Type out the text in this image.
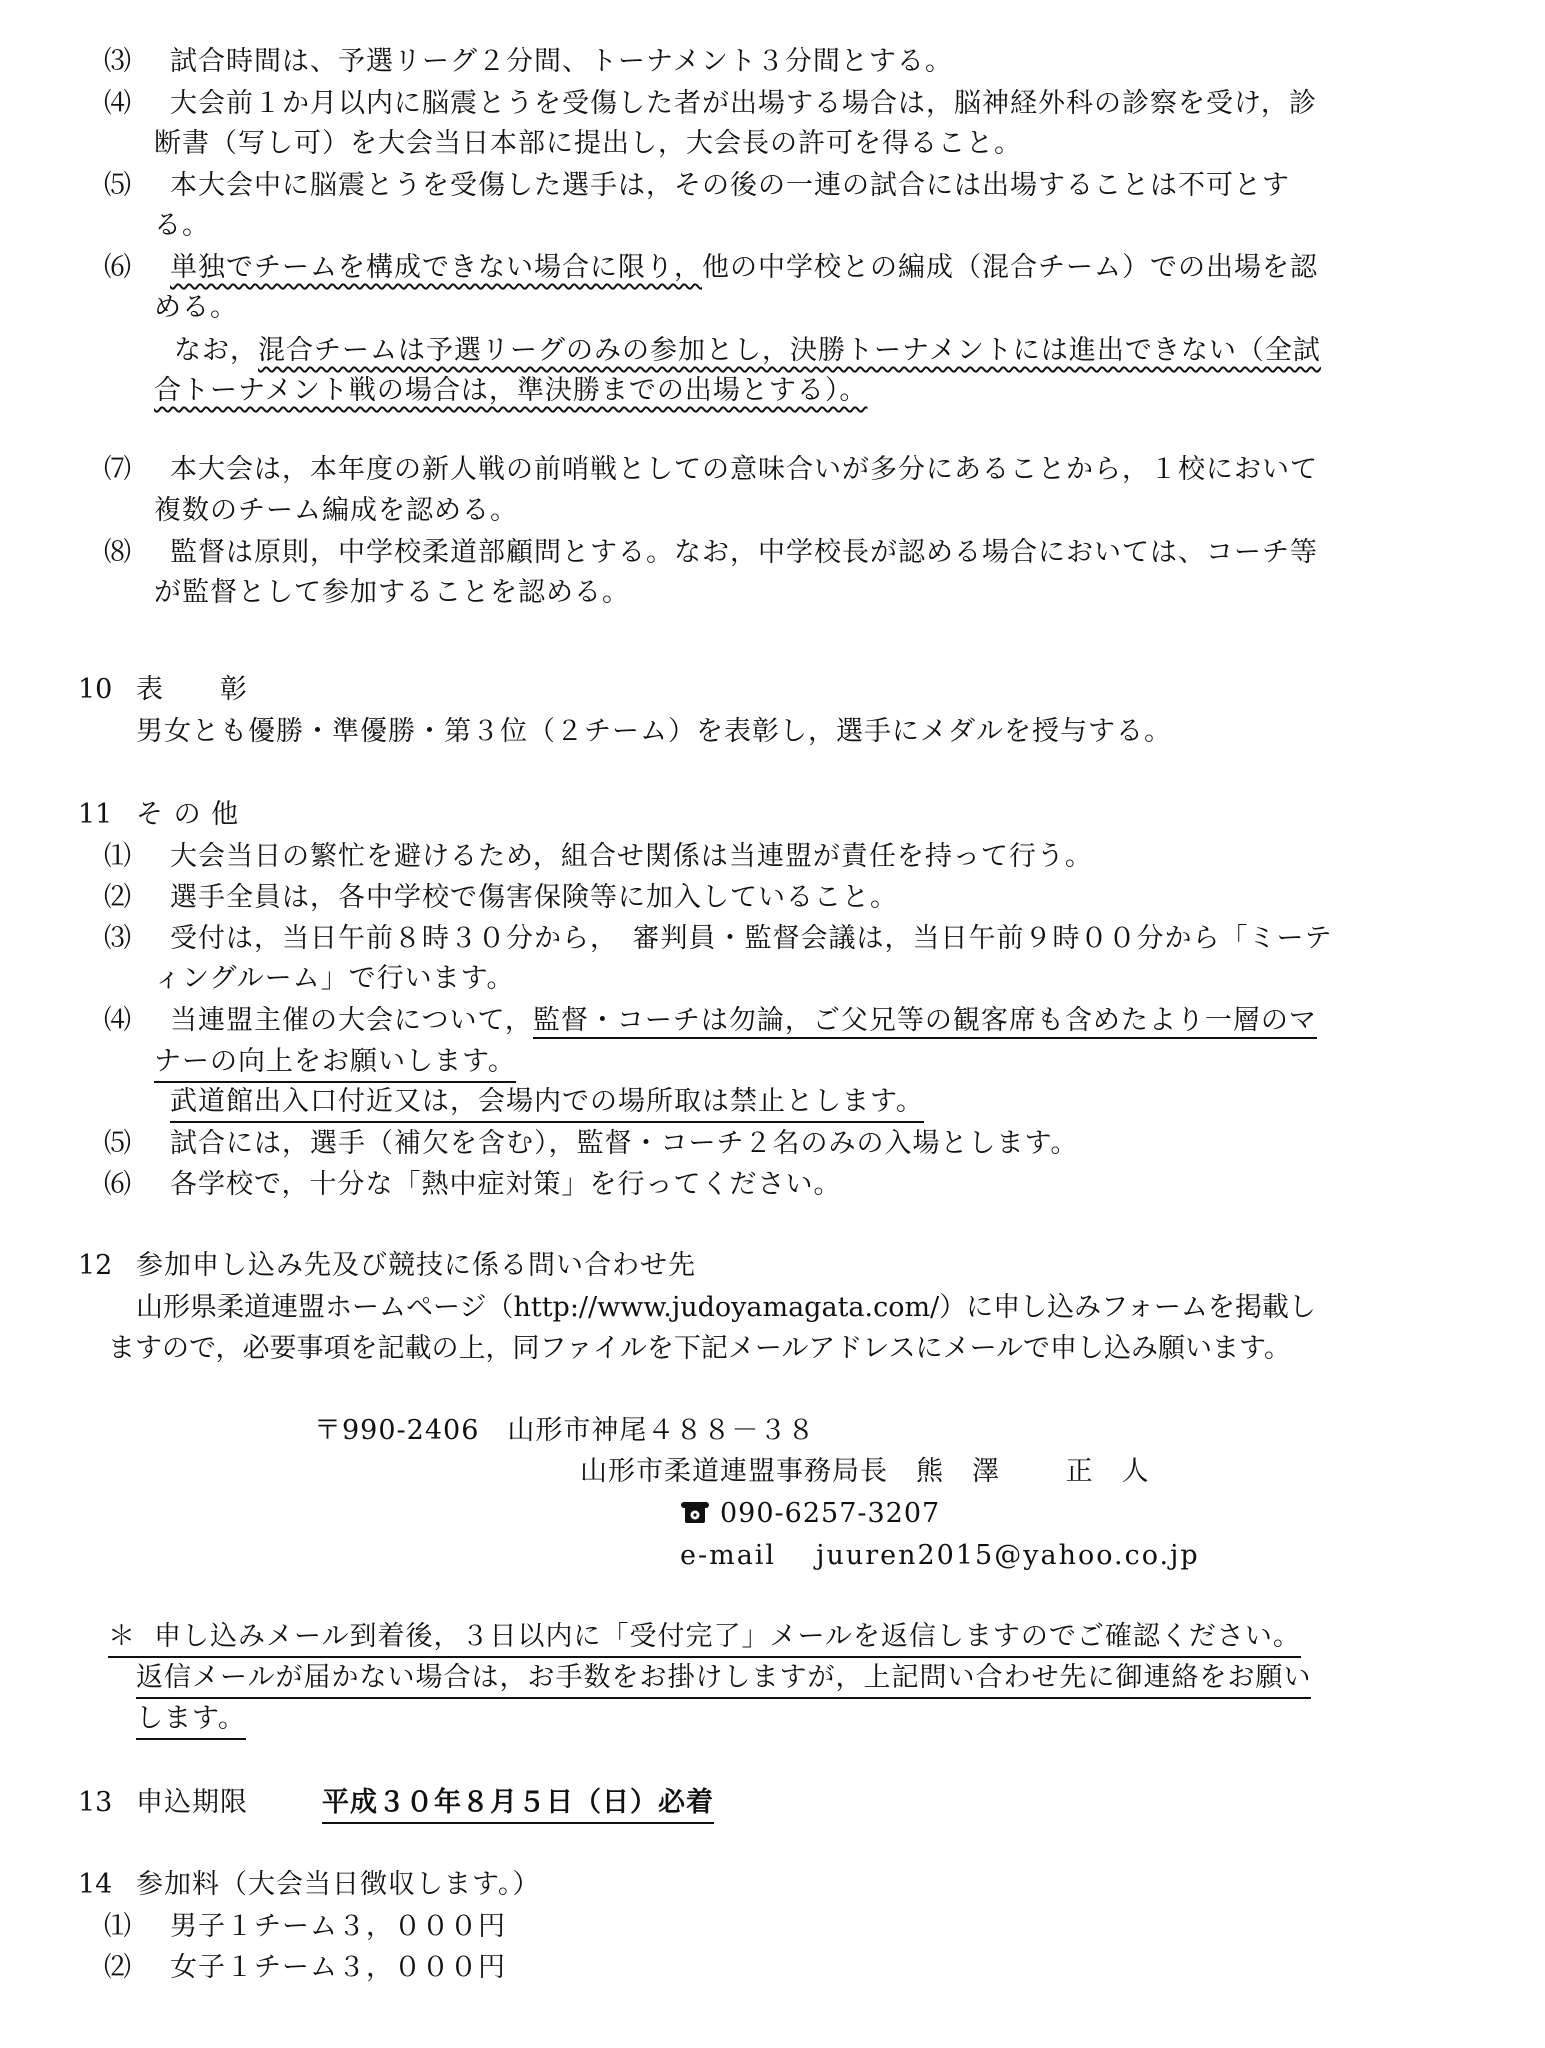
⑶ 試合時間は、予選リーグ２分間、トーナメント３分間とする。
⑷ 大会前１か月以内に脳震とうを受傷した者が出場する場合は，脳神経外科の診察を受け，診
断書（写し可）を大会当日本部に提出し，大会長の許可を得ること。
⑸ 本大会中に脳震とうを受傷した選手は，その後の一連の試合には出場することは不可とす
る。
⑹ 単独でチームを構成できない場合に限り，他の中学校との編成（混合チーム）での出場を認
める。
なお，混合チームは予選リーグのみの参加とし，決勝トーナメントには進出できない（全試
合トーナメント戦の場合は，準決勝までの出場とする）。
⑺ 本大会は，本年度の新人戦の前哨戦としての意味合いが多分にあることから，１校において
複数のチーム編成を認める。
⑻ 監督は原則，中学校柔道部顧問とする。なお，中学校長が認める場合においては、コーチ等
が監督として参加することを認める。
10 表　　彰
男女とも優勝・準優勝・第３位（２チーム）を表彰し，選手にメダルを授与する。
11 そ の 他
⑴ 大会当日の繁忙を避けるため，組合せ関係は当連盟が責任を持って行う。
⑵ 選手全員は，各中学校で傷害保険等に加入していること。
⑶ 受付は，当日午前８時３０分から，　審判員・監督会議は，当日午前９時００分から「ミーテ
ィングルーム」で行います。
⑷ 当連盟主催の大会について，監督・コーチは勿論，ご父兄等の観客席も含めたより一層のマ
ナーの向上をお願いします。
武道館出入口付近又は，会場内での場所取は禁止とします。
⑸ 試合には，選手（補欠を含む），監督・コーチ２名のみの入場とします。
⑹ 各学校で，十分な「熱中症対策」を行ってください。
12 参加申し込み先及び競技に係る問い合わせ先
山形県柔道連盟ホームページ（http://www.judoyamagata.com/）に申し込みフォームを掲載し
ますので，必要事項を記載の上，同ファイルを下記メールアドレスにメールで申し込み願います。
〒990-2406　山形市神尾４８８－３８
山形市柔道連盟事務局長　熊　澤　　 正　人
090-6257-3207
e-mail juuren2015@yahoo.co.jp
＊ 申し込みメール到着後，３日以内に「受付完了」メールを返信しますのでご確認ください。
返信メールが届かない場合は，お手数をお掛けしますが，上記問い合わせ先に御連絡をお願い
します。
13 申込期限	平成３０年８月５日（日）必着
14 参加料（大会当日徴収します。）
⑴ 男子１チーム３，０００円
⑵ 女子１チーム３，０００円
